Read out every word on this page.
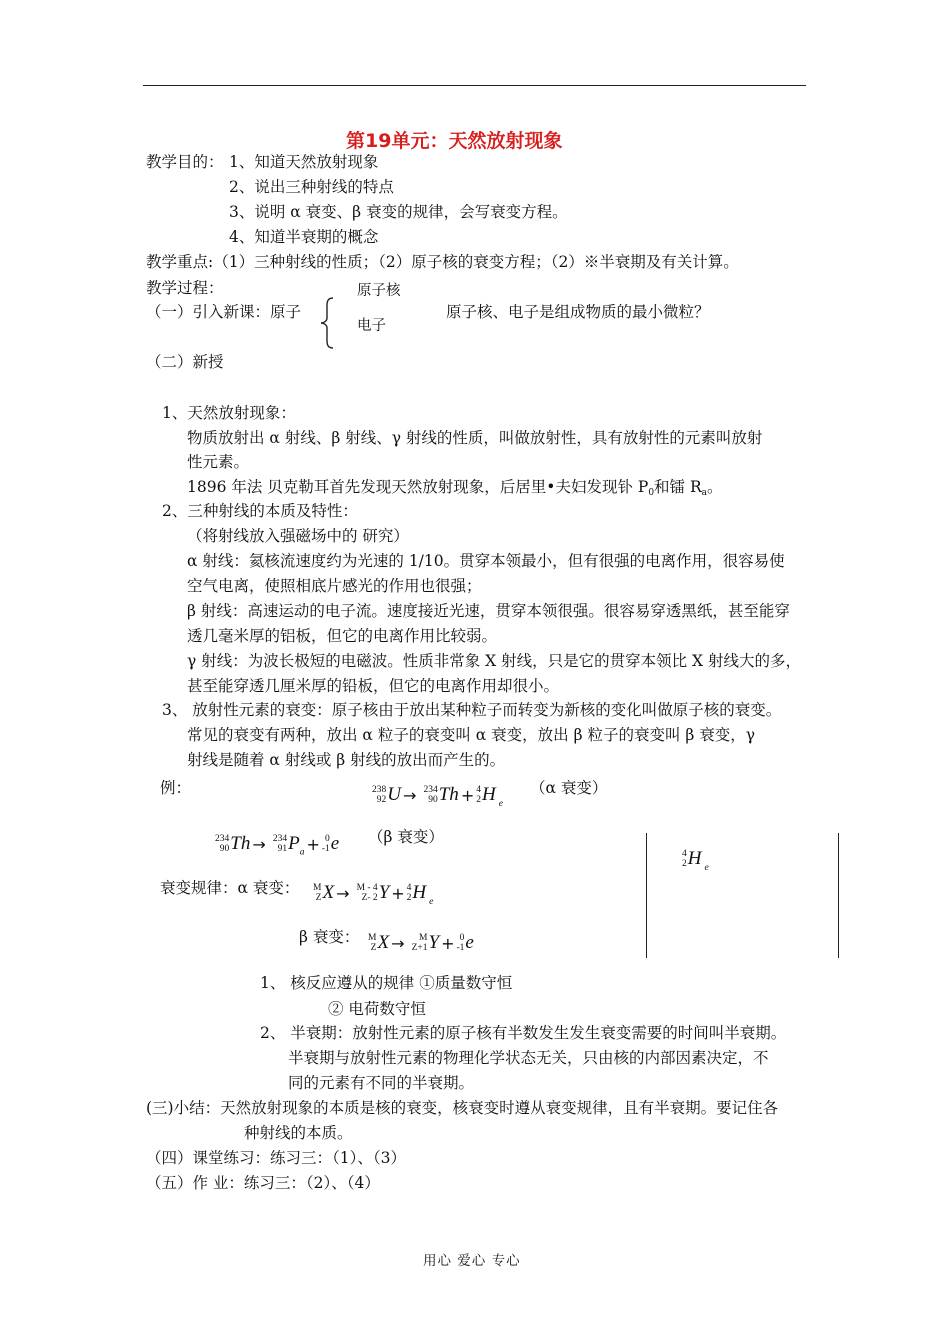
第19单元：天然放射现象
教学目的： 1、知道天然放射现象
2、说出三种射线的特点
3、说明 α 衰变、β 衰变的规律，会写衰变方程。
4、知道半衰期的概念
教学重点:（1）三种射线的性质；（2）原子核的衰变方程；（2）※半衰期及有关计算。
教学过程：
（一）引入新课：原子
原子核
电子
原子核、电子是组成物质的最小微粒？
（二）新授
1、天然放射现象：
物质放射出 α 射线、β 射线、γ 射线的性质，叫做放射性，具有放射性的元素叫放射
性元素。
1896 年法 贝克勒耳首先发现天然放射现象，后居里•夫妇发现钋 P0和镭 Ra。
2、三种射线的本质及特性：
（将射线放入强磁场中的 研究）
α 射线：氦核流速度约为光速的 1/10。贯穿本领最小，但有很强的电离作用，很容易使
空气电离，使照相底片感光的作用也很强；
β 射线：高速运动的电子流。速度接近光速，贯穿本领很强。很容易穿透黑纸，甚至能穿
透几毫米厚的铝板，但它的电离作用比较弱。
γ 射线：为波长极短的电磁波。性质非常象 X 射线，只是它的贯穿本领比 X 射线大的多，
甚至能穿透几厘米厚的铅板，但它的电离作用却很小。
3、 放射性元素的衰变：原子核由于放出某种粒子而转变为新核的变化叫做原子核的衰变。
常见的衰变有两种，放出 α 粒子的衰变叫 α 衰变，放出 β 粒子的衰变叫 β 衰变，γ
射线是随着 α 射线或 β 射线的放出而产生的。
例：	238
92 U → 234
90 Th + 4
2 H $_e$
（α 衰变）
234
90 Th → 234
91 $P_a + 0$
-1 e （β 衰变）
4
2 H $_e$
衰变规律：α 衰变： M
Z X → M - 4
Z- 2 Y + 4
2 H $_e$
β 衰变： M
Z X → M
Z+1 Y + 0
-1 e
1、 核反应遵从的规律 ①质量数守恒
② 电荷数守恒
2、 半衰期：放射性元素的原子核有半数发生发生衰变需要的时间叫半衰期。
半衰期与放射性元素的物理化学状态无关，只由核的内部因素决定，不
同的元素有不同的半衰期。
(三)小结：天然放射现象的本质是核的衰变，核衰变时遵从衰变规律，且有半衰期。要记住各
种射线的本质。
（四）课堂练习：练习三：（1）、（3）
（五）作 业：练习三：（2）、（4）
用心 爱心 专心
